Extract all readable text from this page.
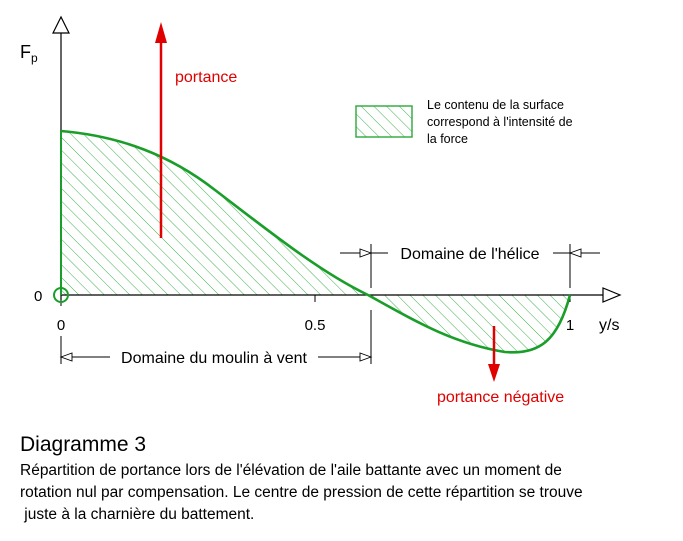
$F_p$
0
0	0.5	1 y/s
portance
portance négative
Le contenu de la surface
correspond à l'intensité de
la force
Domaine de l'hélice
Domaine du moulin à vent
Diagramme 3
Répartition de portance lors de l'élévation de l'aile battante avec un moment de
rotation nul par compensation. Le centre de pression de cette répartition se trouve
juste à la charnière du battement.
